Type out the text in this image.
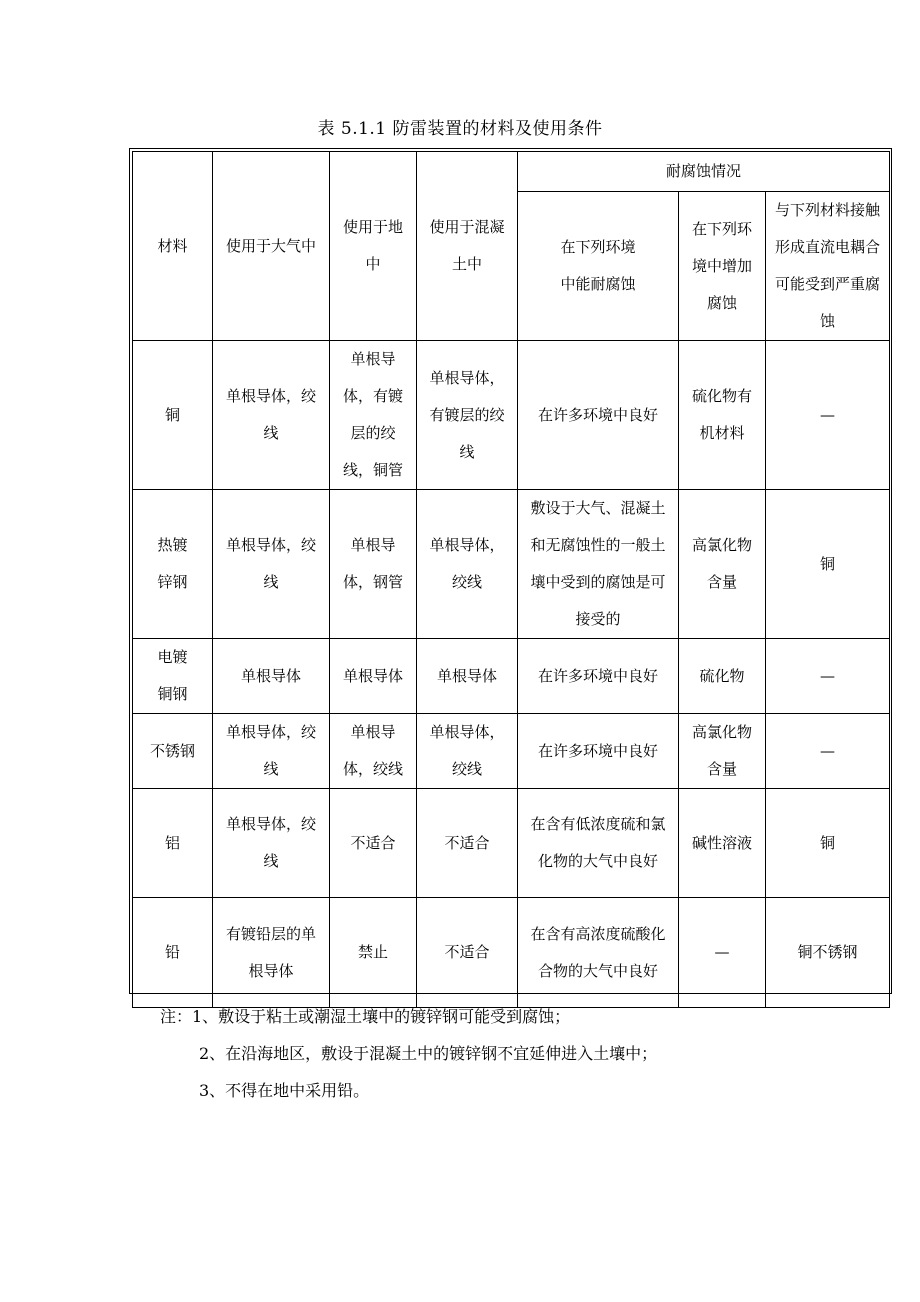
表 5.1.1 防雷装置的材料及使用条件
材料	使用于大气中	使用于地中	使用于混凝土中	耐腐蚀情况		
				在下列环境中能耐腐蚀	在下列环境中增加腐蚀	与下列材料接触形成直流电耦合可能受到严重腐蚀
铜	单根导体，绞线	单根导体，有镀层的绞线，铜管	单根导体，有镀层的绞线	在许多环境中良好	硫化物有机材料	—
热镀锌钢	单根导体，绞线	单根导体，钢管	单根导体，绞线	敷设于大气、混凝土和无腐蚀性的一般土壤中受到的腐蚀是可接受的	高氯化物含量	铜
电镀铜钢	单根导体	单根导体	单根导体	在许多环境中良好	硫化物	—
不锈钢	单根导体，绞线	单根导体，绞线	单根导体，绞线	在许多环境中良好	高氯化物含量	—
铝	单根导体，绞线	不适合	不适合	在含有低浓度硫和氯化物的大气中良好	碱性溶液	铜
铅	有镀铅层的单根导体	禁止	不适合	在含有高浓度硫酸化合物的大气中良好	—	铜不锈钢

注：1、敷设于粘土或潮湿土壤中的镀锌钢可能受到腐蚀；

2、在沿海地区，敷设于混凝土中的镀锌钢不宜延伸进入土壤中；

3、不得在地中采用铅。
